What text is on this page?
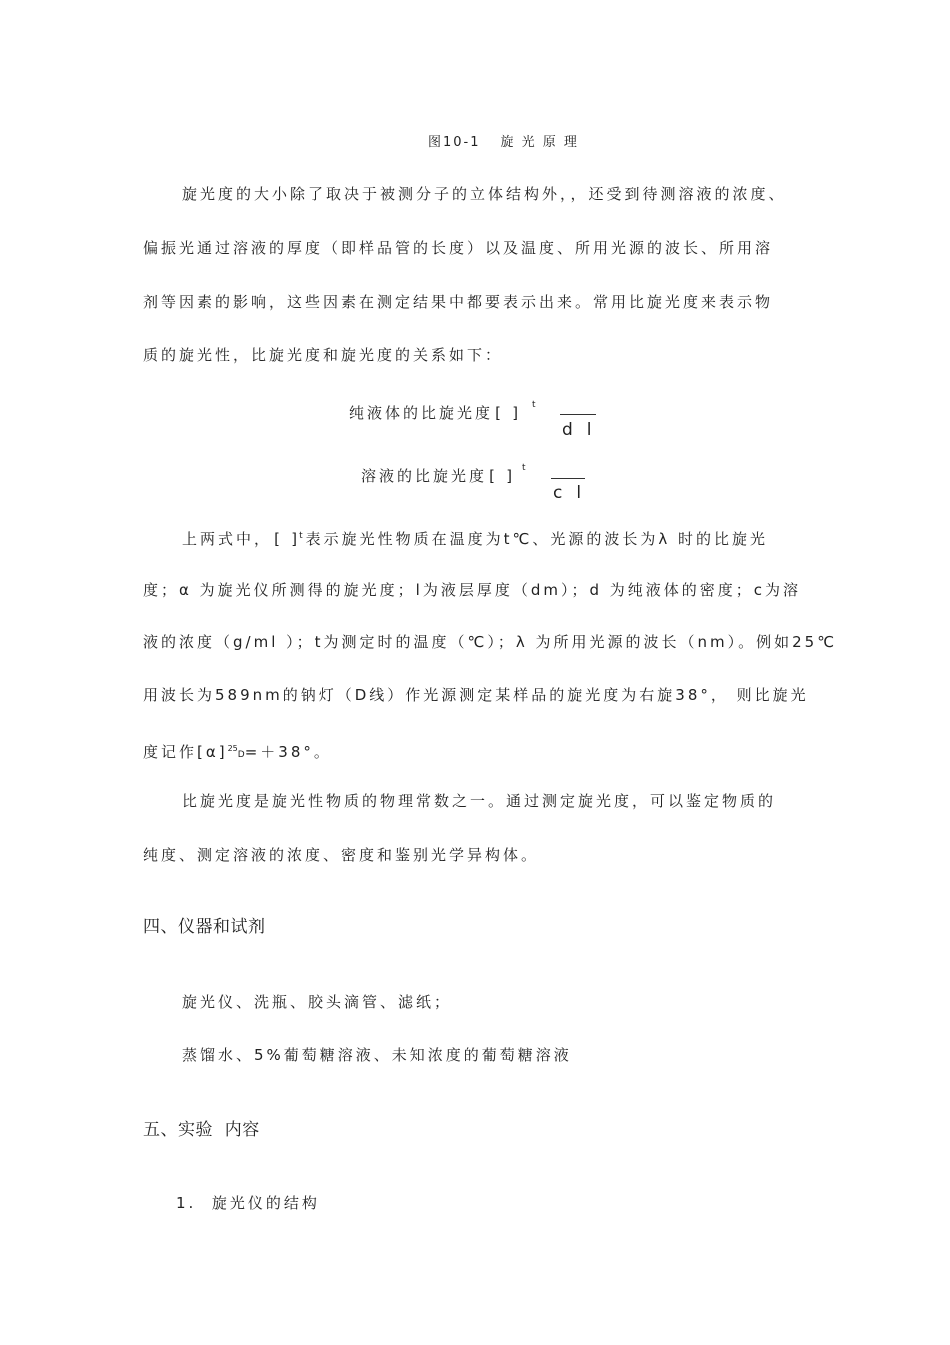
图10-1 旋 光 原 理
旋光度的大小除了取决于被测分子的立体结构外，，还受到待测溶液的浓度、
偏振光通过溶液的厚度（即样品管的长度）以及温度、所用光源的波长、所用溶
剂等因素的影响，这些因素在测定结果中都要表示出来。常用比旋光度来表示物
质的旋光性，比旋光度和旋光度的关系如下：
纯液体的比旋光度[ ] t
dl
溶液的比旋光度[ ] t
cl
上两式中，[ ]$^t$表示旋光性物质在温度为t℃、光源的波长为λ 时的比旋光
度；α 为旋光仪所测得的旋光度；l为液层厚度（dm）；d 为纯液体的密度；c为溶
液的浓度（g/ml ）；t为测定时的温度（℃）；λ 为所用光源的波长（nm）。例如25℃
用波长为589nm的钠灯（D线）作光源测定某样品的旋光度为右旋38°， 则比旋光
度记作$[\alpha]^{25}D=+38^\circ$。
比旋光度是旋光性物质的物理常数之一。通过测定旋光度，可以鉴定物质的
纯度、测定溶液的浓度、密度和鉴别光学异构体。
四、仪器和试剂
旋光仪、洗瓶、胶头滴管、滤纸；
蒸馏水、5%葡萄糖溶液、未知浓度的葡萄糖溶液
五、实验  内容
1.  旋光仪的结构
